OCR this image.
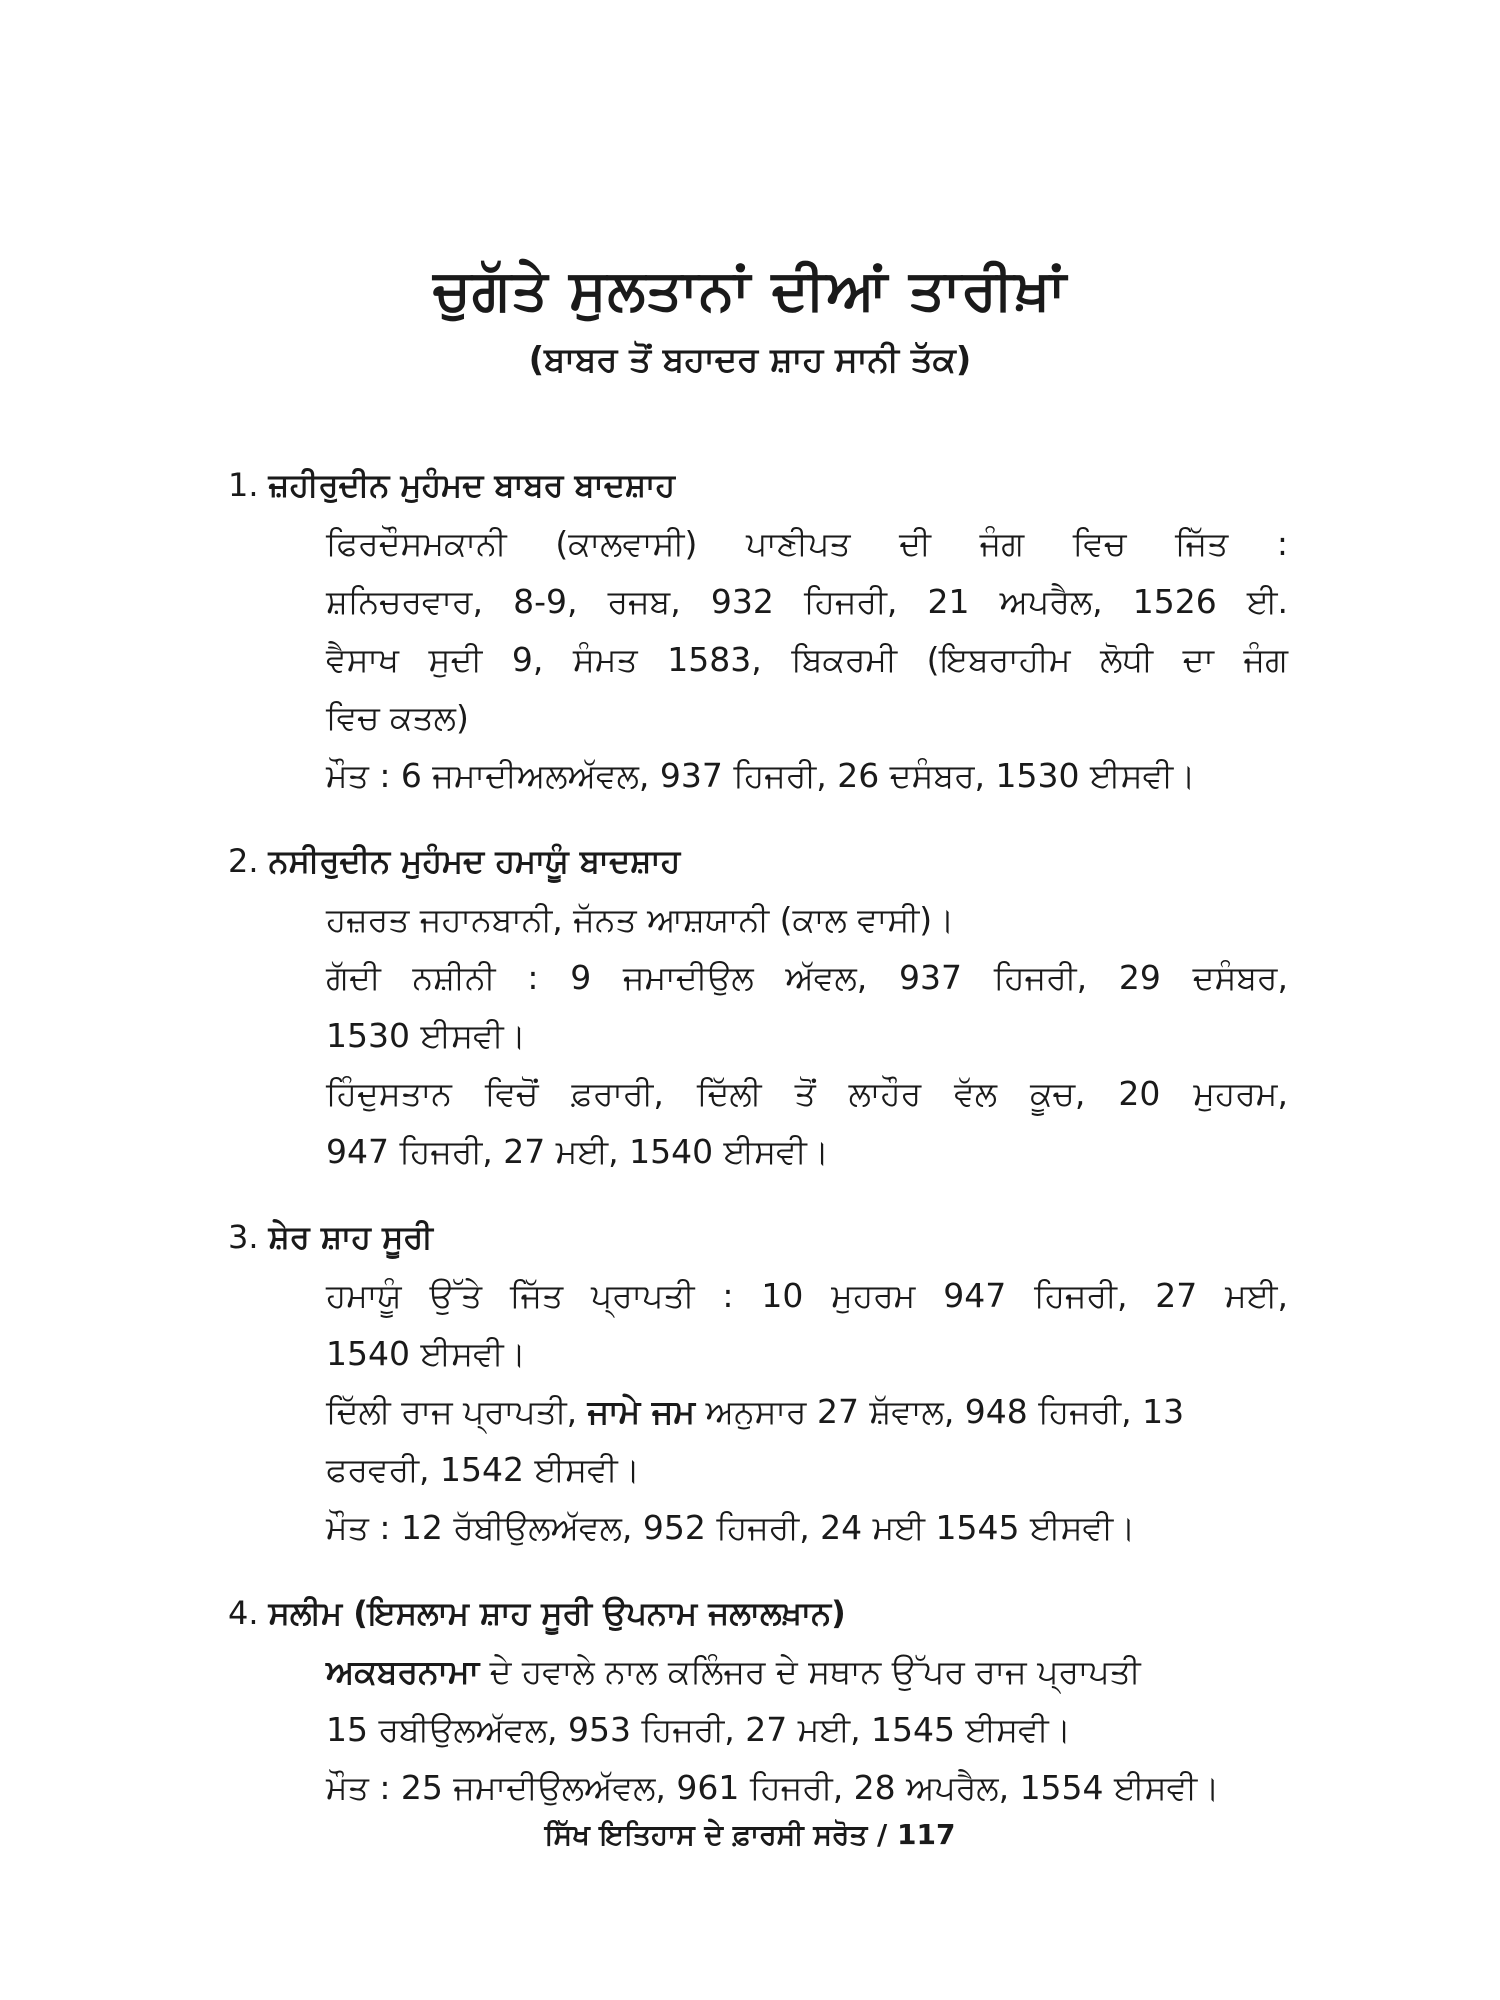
ਚੁਗੱਤੇ ਸੁਲਤਾਨਾਂ ਦੀਆਂ ਤਾਰੀਖ਼ਾਂ
(ਬਾਬਰ ਤੋਂ ਬਹਾਦਰ ਸ਼ਾਹ ਸਾਨੀ ਤੱਕ)
1. ਜ਼ਹੀਰੁਦੀਨ ਮੁਹੰਮਦ ਬਾਬਰ ਬਾਦਸ਼ਾਹ
ਫਿਰਦੌਸਮਕਾਨੀ (ਕਾਲਵਾਸੀ) ਪਾਣੀਪਤ ਦੀ ਜੰਗ ਵਿਚ ਜਿੱਤ :
ਸ਼ਨਿਚਰਵਾਰ, 8-9, ਰਜਬ, 932 ਹਿਜਰੀ, 21 ਅਪਰੈਲ, 1526 ਈ.
ਵੈਸਾਖ ਸੁਦੀ 9, ਸੰਮਤ 1583, ਬਿਕਰਮੀ (ਇਬਰਾਹੀਮ ਲੋਧੀ ਦਾ ਜੰਗ
ਵਿਚ ਕਤਲ)
ਮੌਤ : 6 ਜਮਾਦੀਅਲਅੱਵਲ, 937 ਹਿਜਰੀ, 26 ਦਸੰਬਰ, 1530 ਈਸਵੀ।
2. ਨਸੀਰੁਦੀਨ ਮੁਹੰਮਦ ਹਮਾਯੂੰ ਬਾਦਸ਼ਾਹ
ਹਜ਼ਰਤ ਜਹਾਨਬਾਨੀ, ਜੱਨਤ ਆਸ਼ਯਾਨੀ (ਕਾਲ ਵਾਸੀ)।
ਗੱਦੀ ਨਸ਼ੀਨੀ : 9 ਜਮਾਦੀਉਲ ਅੱਵਲ, 937 ਹਿਜਰੀ, 29 ਦਸੰਬਰ,
1530 ਈਸਵੀ।
ਹਿੰਦੁਸਤਾਨ ਵਿਚੋਂ ਫ਼ਰਾਰੀ, ਦਿੱਲੀ ਤੋਂ ਲਾਹੌਰ ਵੱਲ ਕੂਚ, 20 ਮੁਹਰਮ,
947 ਹਿਜਰੀ, 27 ਮਈ, 1540 ਈਸਵੀ।
3. ਸ਼ੇਰ ਸ਼ਾਹ ਸੂਰੀ
ਹਮਾਯੂੰ ਉੱਤੇ ਜਿੱਤ ਪ੍ਰਾਪਤੀ : 10 ਮੁਹਰਮ 947 ਹਿਜਰੀ, 27 ਮਈ,
1540 ਈਸਵੀ।
ਦਿੱਲੀ ਰਾਜ ਪ੍ਰਾਪਤੀ, ਜਾਮੇ ਜਮ ਅਨੁਸਾਰ 27 ਸ਼ੱਵਾਲ, 948 ਹਿਜਰੀ, 13
ਫਰਵਰੀ, 1542 ਈਸਵੀ।
ਮੌਤ : 12 ਰੱਬੀਉਲਅੱਵਲ, 952 ਹਿਜਰੀ, 24 ਮਈ 1545 ਈਸਵੀ।
4. ਸਲੀਮ (ਇਸਲਾਮ ਸ਼ਾਹ ਸੂਰੀ ਉਪਨਾਮ ਜਲਾਲਖ਼ਾਨ)
ਅਕਬਰਨਾਮਾ ਦੇ ਹਵਾਲੇ ਨਾਲ ਕਲਿੰਜਰ ਦੇ ਸਥਾਨ ਉੱਪਰ ਰਾਜ ਪ੍ਰਾਪਤੀ
15 ਰਬੀਉਲਅੱਵਲ, 953 ਹਿਜਰੀ, 27 ਮਈ, 1545 ਈਸਵੀ।
ਮੌਤ : 25 ਜਮਾਦੀਉਲਅੱਵਲ, 961 ਹਿਜਰੀ, 28 ਅਪਰੈਲ, 1554 ਈਸਵੀ।
ਸਿੱਖ ਇਤਿਹਾਸ ਦੇ ਫ਼ਾਰਸੀ ਸਰੋਤ / 117
